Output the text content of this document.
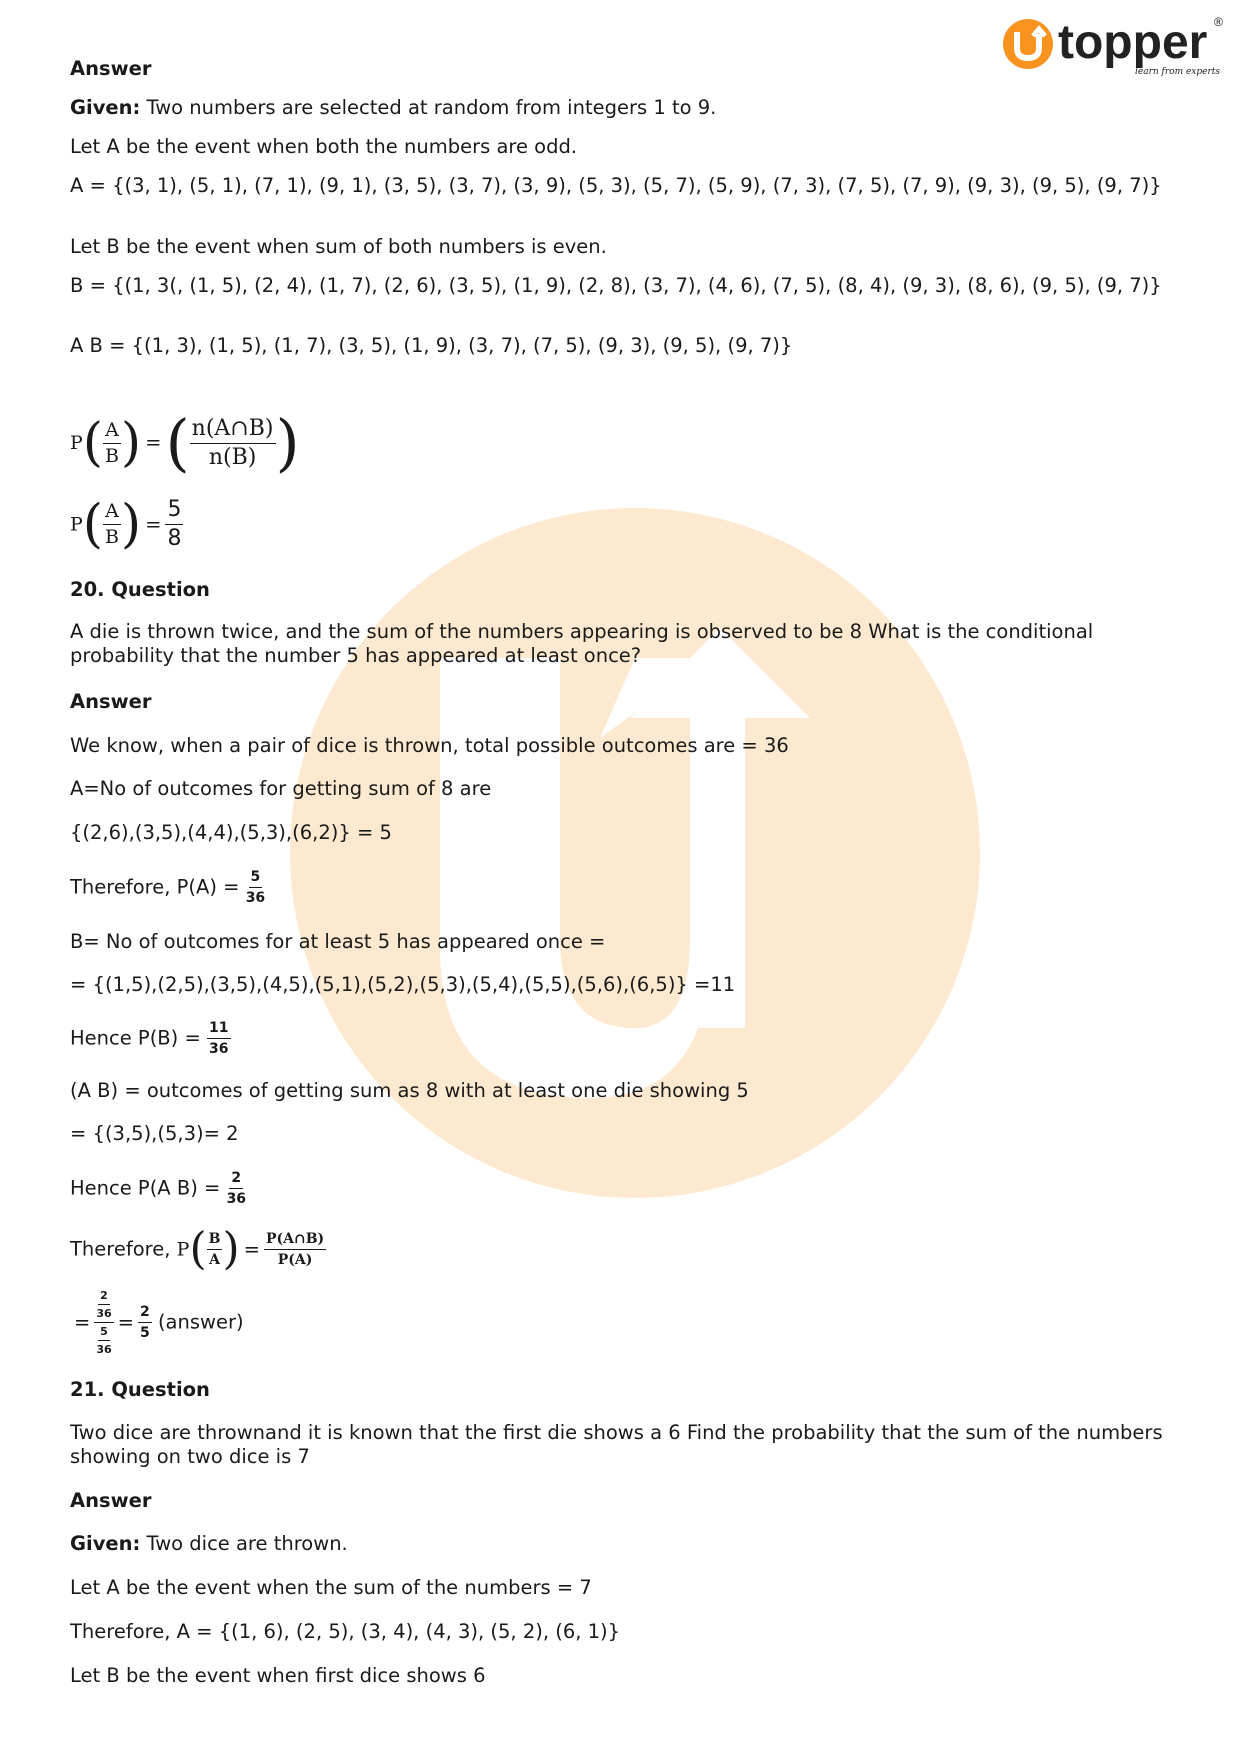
topper ®
learn from experts
Answer
Given: Two numbers are selected at random from integers 1 to 9.
Let A be the event when both the numbers are odd.
A = {(3, 1), (5, 1), (7, 1), (9, 1), (3, 5), (3, 7), (3, 9), (5, 3), (5, 7), (5, 9), (7, 3), (7, 5), (7, 9), (9, 3), (9, 5), (9, 7)}
Let B be the event when sum of both numbers is even.
B = {(1, 3(, (1, 5), (2, 4), (1, 7), (2, 6), (3, 5), (1, 9), (2, 8), (3, 7), (4, 6), (7, 5), (8, 4), (9, 3), (8, 6), (9, 5), (9, 7)}
A B = {(1, 3), (1, 5), (1, 7), (3, 5), (1, 9), (3, 7), (7, 5), (9, 3), (9, 5), (9, 7)}
$P( \frac{A}{B}$ ) =( $\frac{n(A\cap B)}{n(B)}$ )
$P( \frac{A}{B}$ ) = $\frac{5}{8}$
20. Question
A die is thrown twice, and the sum of the numbers appearing is observed to be 8 What is the conditional probability that the number 5 has appeared at least once?
Answer
We know, when a pair of dice is thrown, total possible outcomes are = 36
A=No of outcomes for getting sum of 8 are
{(2,6),(3,5),(4,4),(5,3),(6,2)} = 5
Therefore, $P(A) = \frac{5}{36}$
B= No of outcomes for at least 5 has appeared once =
= {(1,5),(2,5),(3,5),(4,5),(5,1),(5,2),(5,3),(5,4),(5,5),(5,6),(6,5)} =11
Hence $P(B) = \frac{11}{36}$
(A B) = outcomes of getting sum as 8 with at least one die showing 5
= {(3,5),(5,3)= 2
Hence P(A $B) = \frac{2}{36}$
Therefore, $P( \frac{B}{A}$ ) = $\frac{P(A\cap B)}{P(A)}$
= $\frac{\frac{2}{36}}{\frac{5}{36}} = \frac{2}{5}$ (answer)
21. Question
Two dice are thrownand it is known that the first die shows a 6 Find the probability that the sum of the numbers showing on two dice is 7
Answer
Given: Two dice are thrown.
Let A be the event when the sum of the numbers = 7
Therefore, A = {(1, 6), (2, 5), (3, 4), (4, 3), (5, 2), (6, 1)}
Let B be the event when first dice shows 6
